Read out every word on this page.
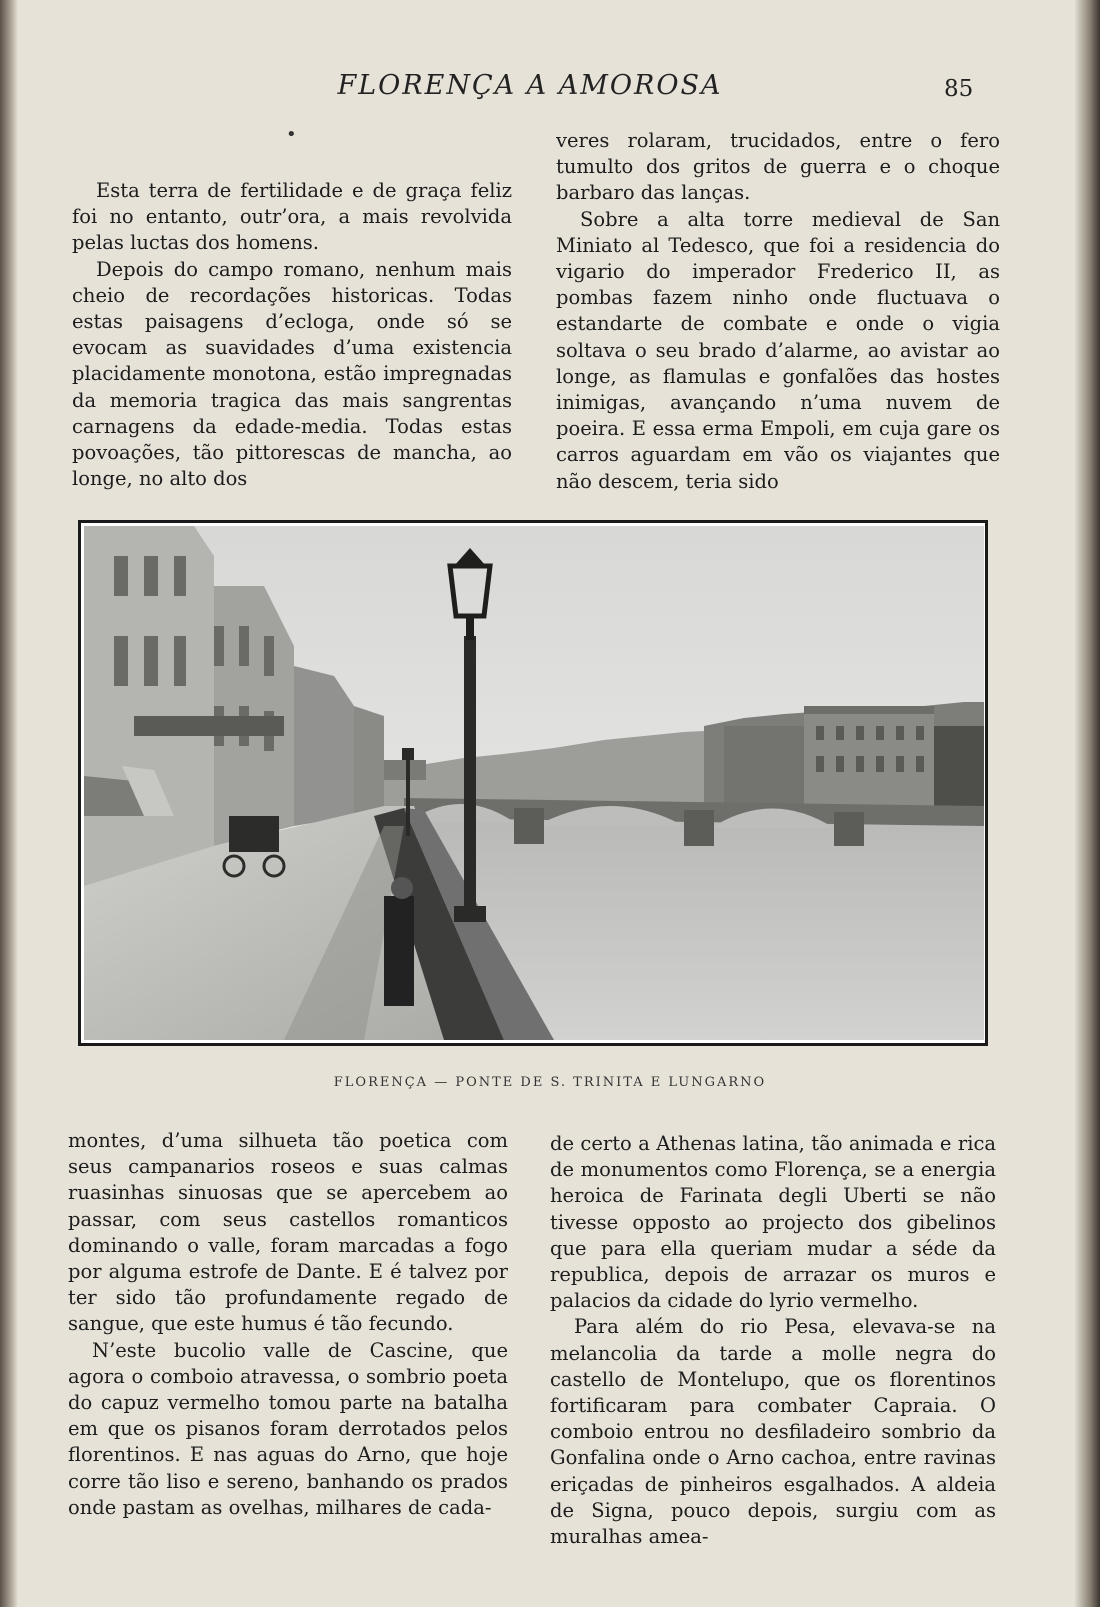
FLORENÇA A AMOROSA	85
•

Esta terra de fertilidade e de graça feliz foi no entanto, outr’ora, a mais revolvida pelas luctas dos homens.

Depois do campo romano, nenhum mais cheio de recordações historicas. Todas estas paisagens d’ecloga, onde só se evocam as suavidades d’uma existencia placidamente monotona, estão impregnadas da memoria tragica das mais sangrentas carnagens da edade-media. Todas estas povoações, tão pittorescas de mancha, ao longe, no alto dos

veres rolaram, trucidados, entre o fero tumulto dos gritos de guerra e o choque barbaro das lanças.

Sobre a alta torre medieval de San Miniato al Tedesco, que foi a residencia do vigario do imperador Frederico II, as pombas fazem ninho onde fluctuava o estandarte de combate e onde o vigia soltava o seu brado d’alarme, ao avistar ao longe, as flamulas e gonfalões das hostes inimigas, avançando n’uma nuvem de poeira. E essa erma Empoli, em cuja gare os carros aguardam em vão os viajantes que não descem, teria sido

FLORENÇA — PONTE DE S. TRINITA E LUNGARNO

montes, d’uma silhueta tão poetica com seus campanarios roseos e suas calmas ruasinhas sinuosas que se apercebem ao passar, com seus castellos romanticos dominando o valle, foram marcadas a fogo por alguma estrofe de Dante. E é talvez por ter sido tão profundamente regado de sangue, que este humus é tão fecundo.

N’este bucolio valle de Cascine, que agora o comboio atravessa, o sombrio poeta do capuz vermelho tomou parte na batalha em que os pisanos foram derrotados pelos florentinos. E nas aguas do Arno, que hoje corre tão liso e sereno, banhando os prados onde pastam as ovelhas, milhares de cada-

de certo a Athenas latina, tão animada e rica de monumentos como Florença, se a energia heroica de Farinata degli Uberti se não tivesse opposto ao projecto dos gibelinos que para ella queriam mudar a séde da republica, depois de arrazar os muros e palacios da cidade do lyrio vermelho.

Para além do rio Pesa, elevava-se na melancolia da tarde a molle negra do castello de Montelupo, que os florentinos fortificaram para combater Capraia. O comboio entrou no desfiladeiro sombrio da Gonfalina onde o Arno cachoa, entre ravinas eriçadas de pinheiros esgalhados. A aldeia de Signa, pouco depois, surgiu com as muralhas amea-
